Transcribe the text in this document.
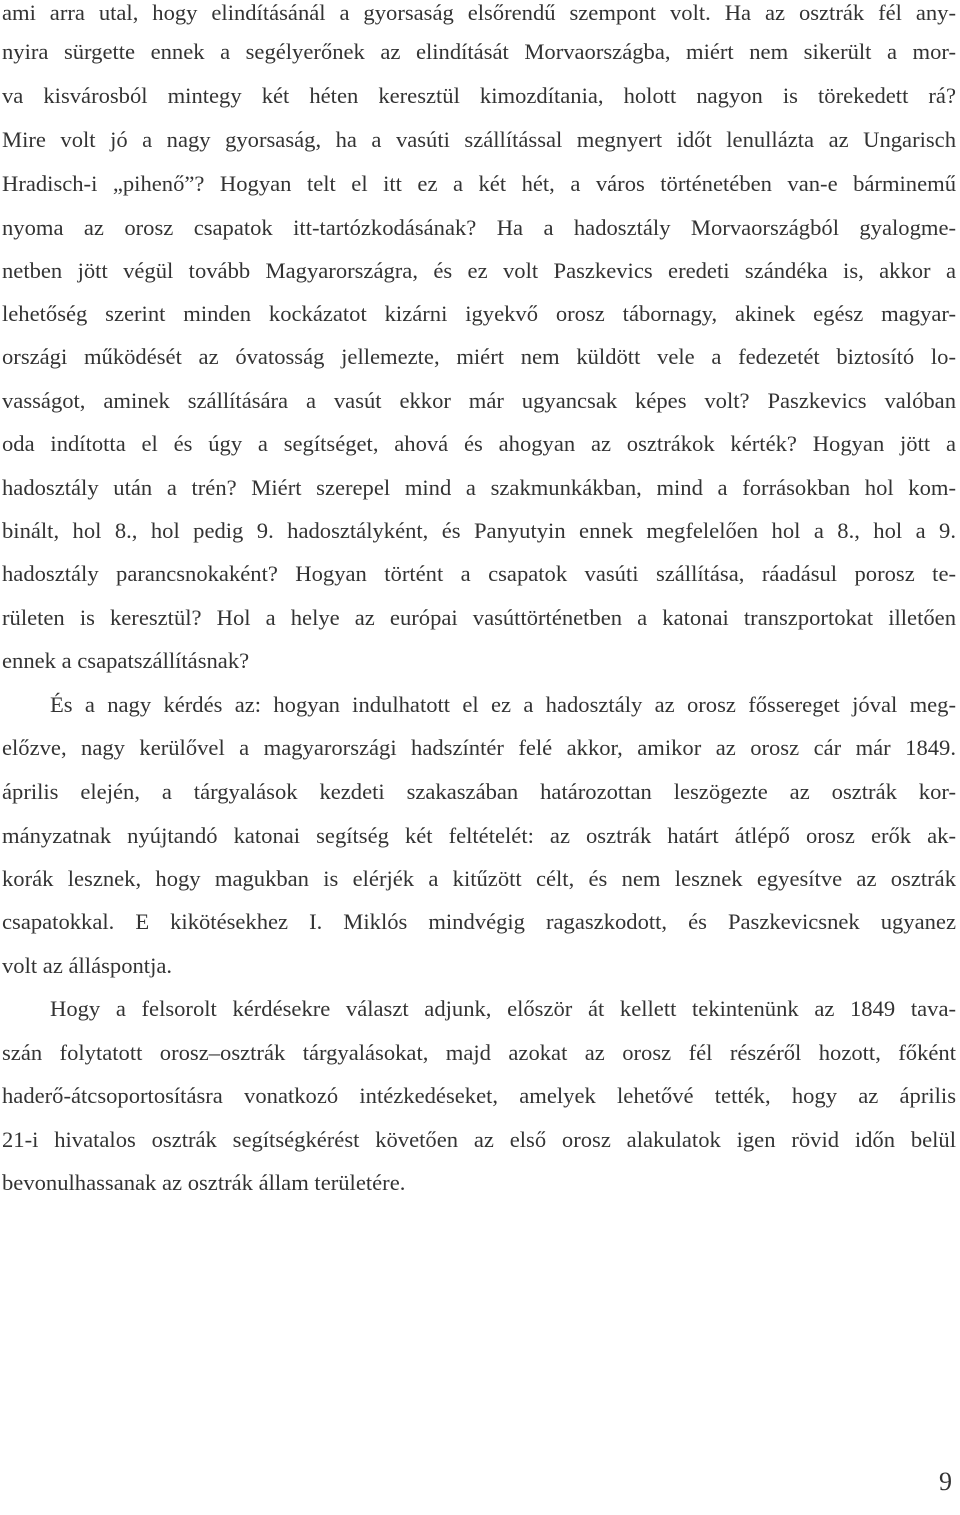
ami arra utal, hogy elindításánál a gyorsaság elsőrendű szempont volt. Ha az osztrák fél any-
nyira sürgette ennek a segélyerőnek az elindítását Morvaországba, miért nem sikerült a mor-
va kisvárosból mintegy két héten keresztül kimozdítania, holott nagyon is törekedett rá?
Mire volt jó a nagy gyorsaság, ha a vasúti szállítással megnyert időt lenullázta az Ungarisch
Hradisch-i „pihenő”? Hogyan telt el itt ez a két hét, a város történetében van-e bárminemű
nyoma az orosz csapatok itt-tartózkodásának? Ha a hadosztály Morvaországból gyalogme-
netben jött végül tovább Magyarországra, és ez volt Paszkevics eredeti szándéka is, akkor a
lehetőség szerint minden kockázatot kizárni igyekvő orosz tábornagy, akinek egész magyar-
országi működését az óvatosság jellemezte, miért nem küldött vele a fedezetét biztosító lo-
vasságot, aminek szállítására a vasút ekkor már ugyancsak képes volt? Paszkevics valóban
oda indította el és úgy a segítséget, ahová és ahogyan az osztrákok kérték? Hogyan jött a
hadosztály után a trén? Miért szerepel mind a szakmunkákban, mind a forrásokban hol kom-
binált, hol 8., hol pedig 9. hadosztályként, és Panyutyin ennek megfelelően hol a 8., hol a 9.
hadosztály parancsnokaként? Hogyan történt a csapatok vasúti szállítása, ráadásul porosz te-
rületen is keresztül? Hol a helye az európai vasúttörténetben a katonai transzportokat illetően
ennek a csapatszállításnak?
És a nagy kérdés az: hogyan indulhatott el ez a hadosztály az orosz főssereget jóval meg-
előzve, nagy kerülővel a magyarországi hadszíntér felé akkor, amikor az orosz cár már 1849.
április elején, a tárgyalások kezdeti szakaszában határozottan leszögezte az osztrák kor-
mányzatnak nyújtandó katonai segítség két feltételét: az osztrák határt átlépő orosz erők ak-
korák lesznek, hogy magukban is elérjék a kitűzött célt, és nem lesznek egyesítve az osztrák
csapatokkal. E kikötésekhez I. Miklós mindvégig ragaszkodott, és Paszkevicsnek ugyanez
volt az álláspontja.
Hogy a felsorolt kérdésekre választ adjunk, először át kellett tekintenünk az 1849 tava-
szán folytatott orosz–osztrák tárgyalásokat, majd azokat az orosz fél részéről hozott, főként
haderő-átcsoportosításra vonatkozó intézkedéseket, amelyek lehetővé tették, hogy az április
21-i hivatalos osztrák segítségkérést követően az első orosz alakulatok igen rövid időn belül
bevonulhassanak az osztrák állam területére.
9
